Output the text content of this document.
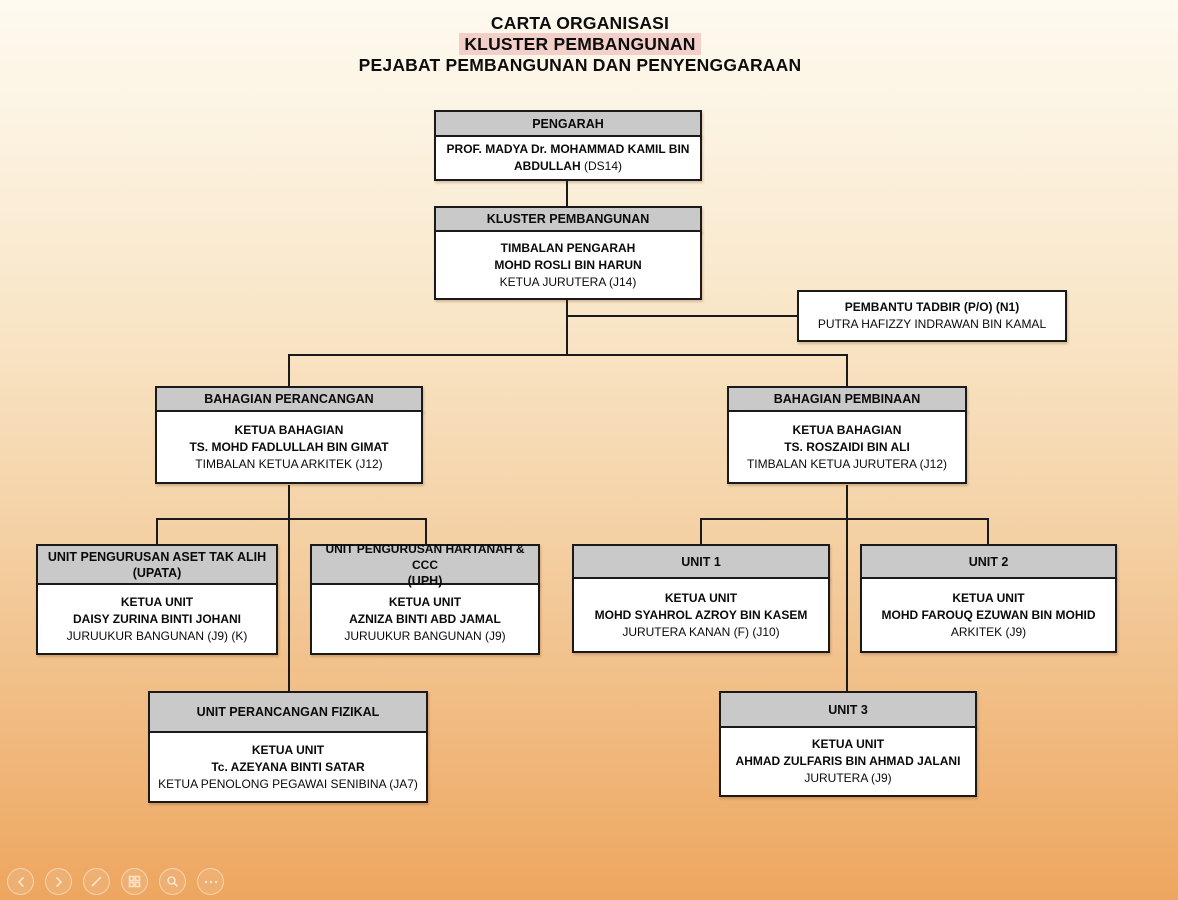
CARTA ORGANISASI
KLUSTER PEMBANGUNAN
PEJABAT PEMBANGUNAN DAN PENYENGGARAAN
PENGARAH
PROF. MADYA Dr. MOHAMMAD KAMIL BIN
ABDULLAH (DS14)
KLUSTER PEMBANGUNAN
TIMBALAN PENGARAH
MOHD ROSLI BIN HARUN
KETUA JURUTERA (J14)
PEMBANTU TADBIR (P/O) (N1)
PUTRA HAFIZZY INDRAWAN BIN KAMAL
BAHAGIAN PERANCANGAN
KETUA BAHAGIAN
TS. MOHD FADLULLAH BIN GIMAT
TIMBALAN KETUA ARKITEK (J12)
BAHAGIAN PEMBINAAN
KETUA BAHAGIAN
TS. ROSZAIDI BIN ALI
TIMBALAN KETUA JURUTERA (J12)
UNIT PENGURUSAN ASET TAK ALIH
(UPATA)
KETUA UNIT
DAISY ZURINA BINTI JOHANI
JURUUKUR BANGUNAN (J9) (K)
UNIT PENGURUSAN HARTANAH & CCC
(UPH)
KETUA UNIT
AZNIZA BINTI ABD JAMAL
JURUUKUR BANGUNAN (J9)
UNIT 1
KETUA UNIT
MOHD SYAHROL AZROY BIN KASEM
JURUTERA KANAN (F) (J10)
UNIT 2
KETUA UNIT
MOHD FAROUQ EZUWAN BIN MOHID
ARKITEK (J9)
UNIT PERANCANGAN FIZIKAL
KETUA UNIT
Tc. AZEYANA BINTI SATAR
KETUA PENOLONG PEGAWAI SENIBINA (JA7)
UNIT 3
KETUA UNIT
AHMAD ZULFARIS BIN AHMAD JALANI
JURUTERA (J9)
